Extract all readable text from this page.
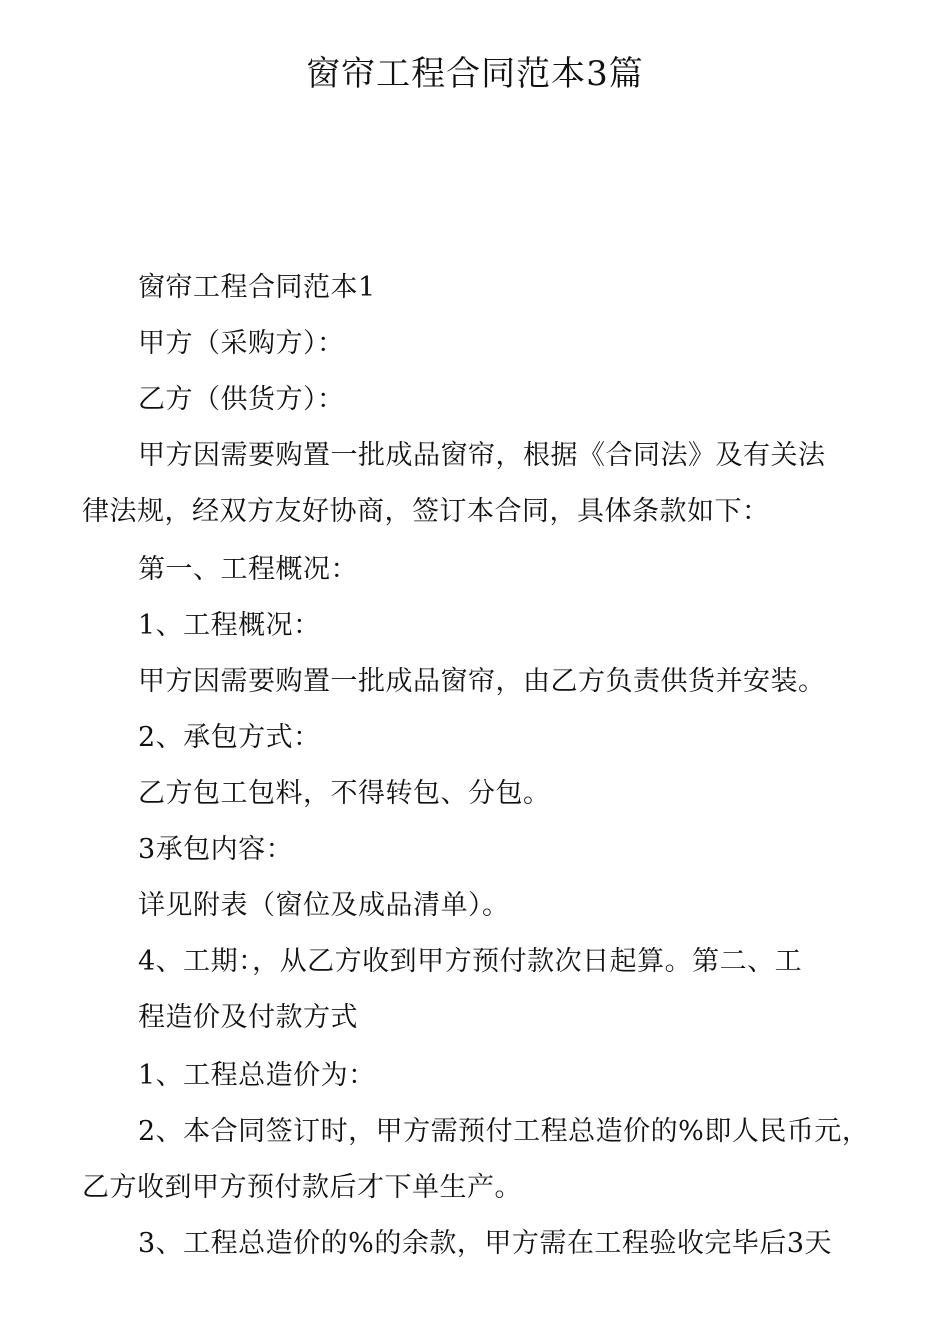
窗帘工程合同范本3篇
窗帘工程合同范本1
甲方（采购方）：
乙方（供货方）：
甲方因需要购置一批成品窗帘，根据《合同法》及有关法
律法规，经双方友好协商，签订本合同，具体条款如下：
第一、工程概况：
1、工程概况：
甲方因需要购置一批成品窗帘，由乙方负责供货并安装。
2、承包方式：
乙方包工包料，不得转包、分包。
3承包内容：
详见附表（窗位及成品清单）。
4、工期：，从乙方收到甲方预付款次日起算。第二、工
程造价及付款方式
1、工程总造价为：
2、本合同签订时，甲方需预付工程总造价的%即人民币元，
乙方收到甲方预付款后才下单生产。
3、工程总造价的%的余款，甲方需在工程验收完毕后3天
